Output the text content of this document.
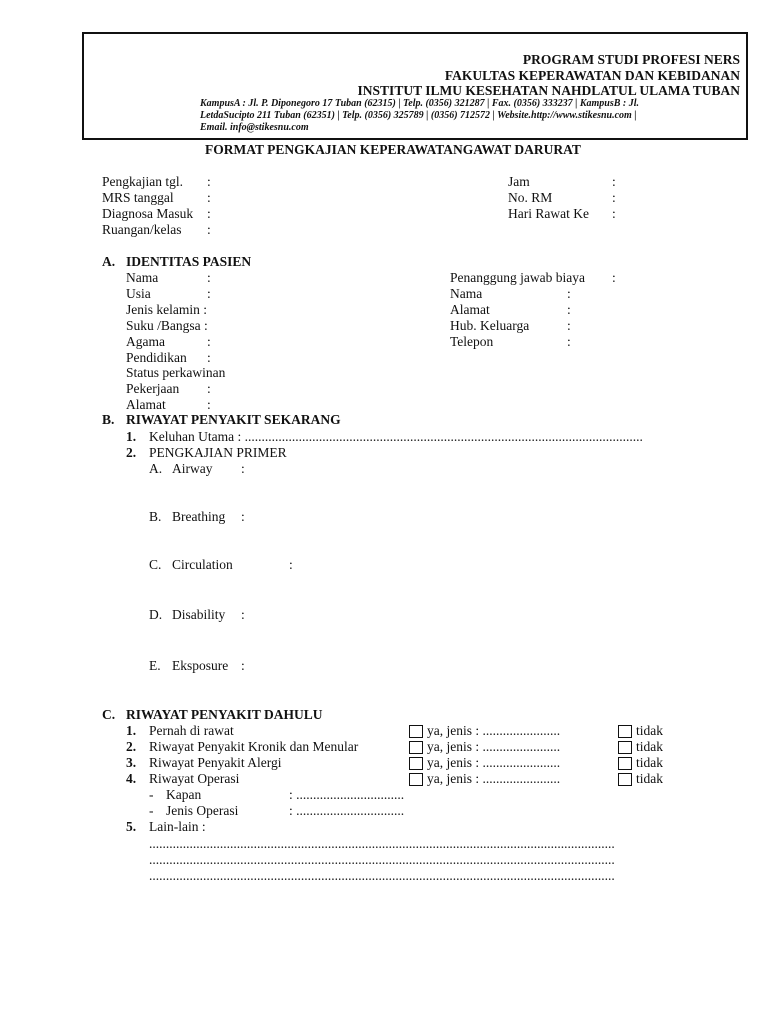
PROGRAM STUDI PROFESI NERS
FAKULTAS KEPERAWATAN DAN KEBIDANAN
INSTITUT ILMU KESEHATAN NAHDLATUL ULAMA TUBAN
KampusA : Jl. P. Diponegoro 17 Tuban (62315) | Telp. (0356) 321287 | Fax. (0356) 333237 | KampusB : Jl.
LetdaSucipto 211 Tuban (62351) | Telp. (0356) 325789 | (0356) 712572 | Website.http://www.stikesnu.com |
Email. info@stikesnu.com
FORMAT PENGKAJIAN KEPERAWATANGAWAT DARURAT
Pengkajian tgl. :
MRS tanggal :
Diagnosa Masuk :
Ruangan/kelas :
Jam	:
No. RM	:
Hari Rawat Ke :
A. IDENTITAS PASIEN
Nama	:
Usia	:
Jenis kelamin :
Suku /Bangsa :
Agama	:
Pendidikan :
Status perkawinan
Pekerjaan :
Alamat	:
Penanggung jawab biaya :
Nama	:
Alamat	:
Hub. Keluarga	:
Telepon	:
B. RIWAYAT PENYAKIT SEKARANG
1. Keluhan Utama : ......................................................................................................................
2. PENGKAJIAN PRIMER
A. Airway :
B. Breathing :
C. Circulation	:
D. Disability :
E. Eksposure :
C. RIWAYAT PENYAKIT DAHULU
1. Pernah di rawat	ya, jenis : .......................	tidak
2. Riwayat Penyakit Kronik dan Menular	ya, jenis : .......................	tidak
3. Riwayat Penyakit Alergi	ya, jenis : .......................	tidak
4. Riwayat Operasi	ya, jenis : .......................	tidak
- Kapan	: ................................
- Jenis Operasi	: ................................
5. Lain-lain :
..........................................................................................................................................
..........................................................................................................................................
..........................................................................................................................................
